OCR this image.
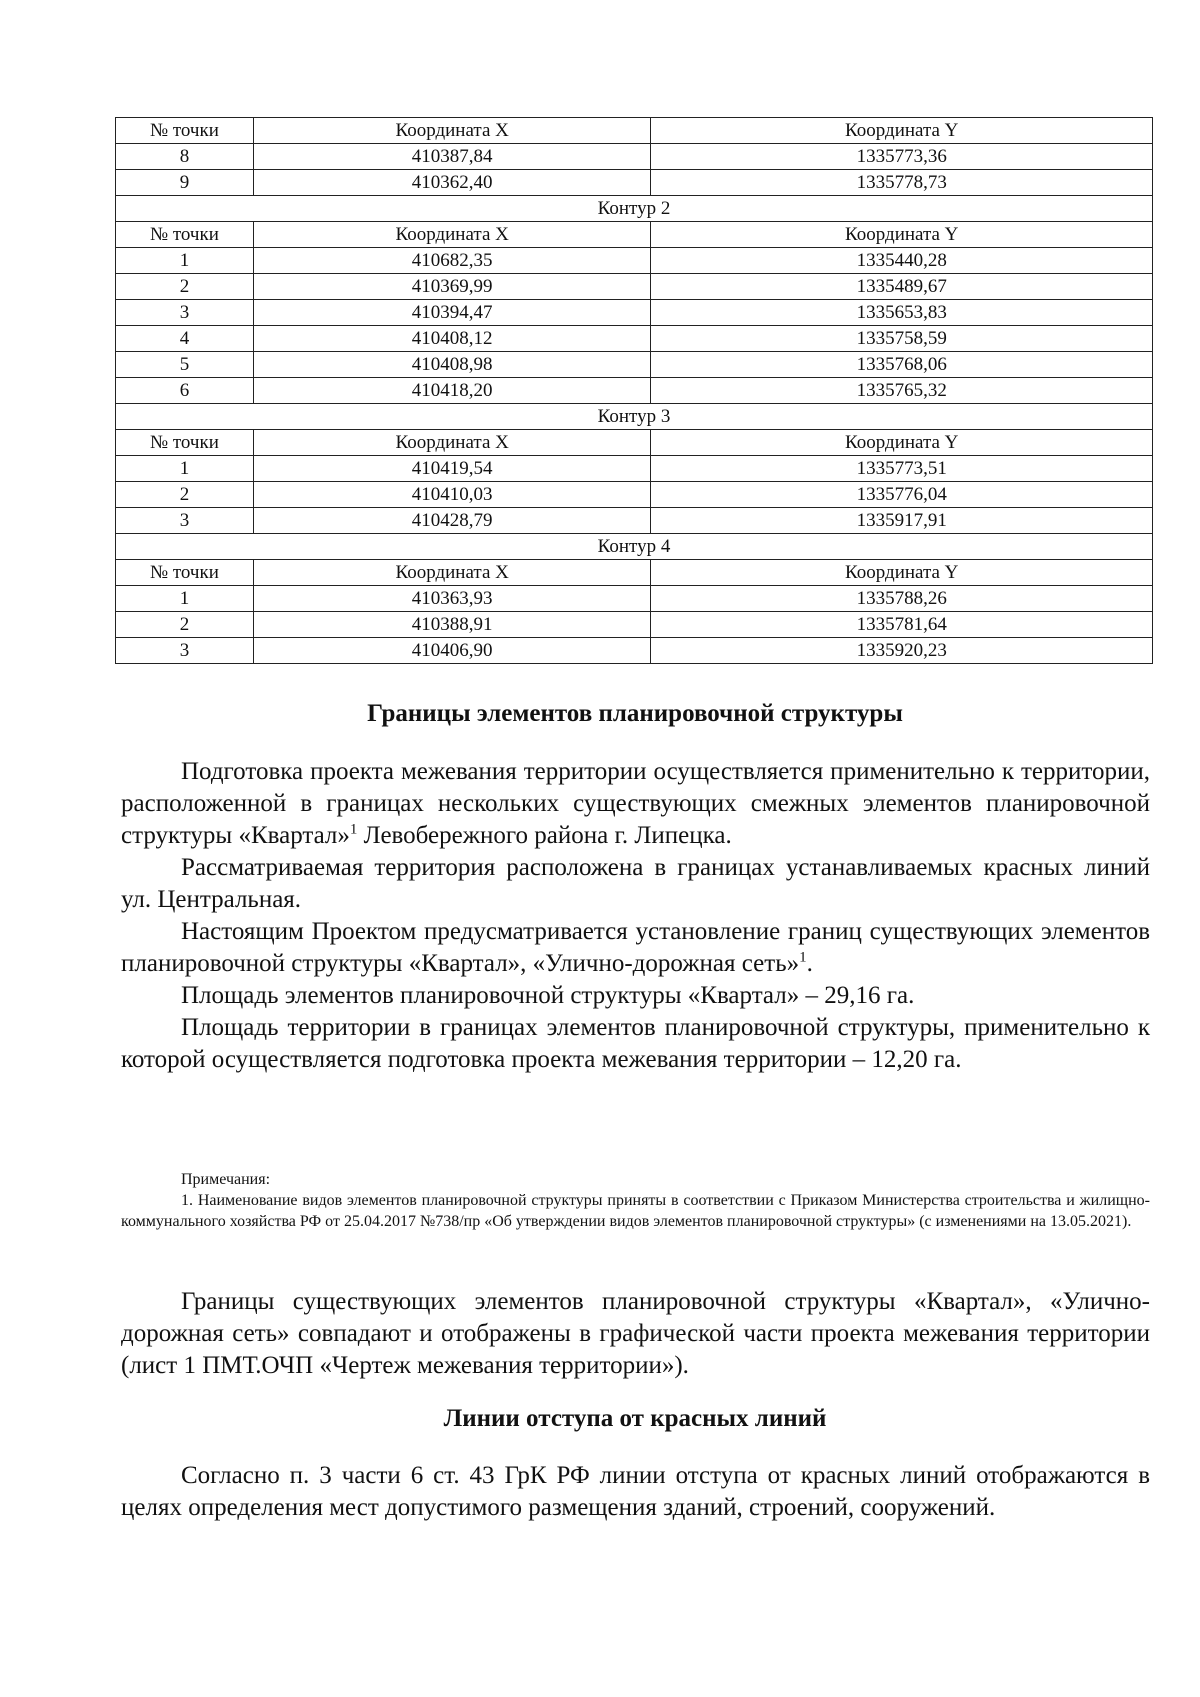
№ точки	Координата X	Координата Y
8	410387,84	1335773,36
9	410362,40	1335778,73
Контур 2		
№ точки	Координата X	Координата Y
1	410682,35	1335440,28
2	410369,99	1335489,67
3	410394,47	1335653,83
4	410408,12	1335758,59
5	410408,98	1335768,06
6	410418,20	1335765,32
Контур 3		
№ точки	Координата X	Координата Y
1	410419,54	1335773,51
2	410410,03	1335776,04
3	410428,79	1335917,91
Контур 4		
№ точки	Координата X	Координата Y
1	410363,93	1335788,26
2	410388,91	1335781,64
3	410406,90	1335920,23
Границы элементов планировочной структуры

Подготовка проекта межевания территории осуществляется применительно к территории, расположенной в границах нескольких существующих смежных элементов планировочной структуры «Квартал»$^1$ Левобережного района г. Липецка.

Рассматриваемая территория расположена в границах устанавливаемых красных линий ул. Центральная.

Настоящим Проектом предусматривается установление границ существующих элементов планировочной структуры «Квартал», «Улично-дорожная сеть»$^1$.

Площадь элементов планировочной структуры «Квартал» – 29,16 га.

Площадь территории в границах элементов планировочной структуры, применительно к которой осуществляется подготовка проекта межевания территории – 12,20 га.

Примечания:

1. Наименование видов элементов планировочной структуры приняты в соответствии с Приказом Министерства строительства и жилищно-коммунального хозяйства РФ от 25.04.2017 №738/пр «Об утверждении видов элементов планировочной структуры» (с изменениями на 13.05.2021).

Границы существующих элементов планировочной структуры «Квартал», «Улично-дорожная сеть» совпадают и отображены в графической части проекта межевания территории (лист 1 ПМТ.ОЧП «Чертеж межевания территории»).

Линии отступа от красных линий

Согласно п. 3 части 6 ст. 43 ГрК РФ линии отступа от красных линий отображаются в целях определения мест допустимого размещения зданий, строений, сооружений.
